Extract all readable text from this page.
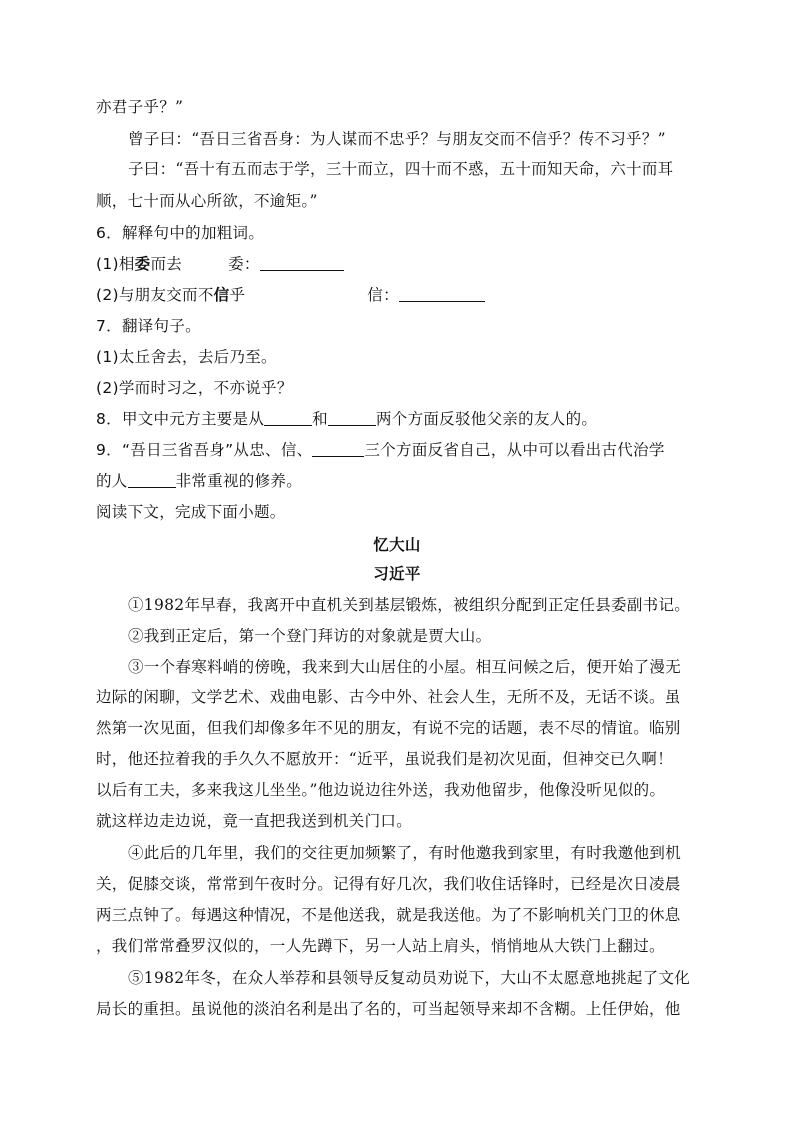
亦君子乎？”
曾子曰：“吾日三省吾身：为人谋而不忠乎？与朋友交而不信乎？传不习乎？”
子曰：“吾十有五而志于学，三十而立，四十而不惑，五十而知天命，六十而耳
顺，七十而从心所欲，不逾矩。”
6．解释句中的加粗词。
(1)相委而去	委：
(2)与朋友交而不信乎	信：
7．翻译句子。
(1)太丘舍去，去后乃至。
(2)学而时习之，不亦说乎？
8．甲文中元方主要是从	和	两个方面反驳他父亲的友人的。
9．“吾日三省吾身”从忠、信、	三个方面反省自己，从中可以看出古代治学
的人	非常重视的修养。
阅读下文，完成下面小题。
忆大山
习近平
①1982年早春，我离开中直机关到基层锻炼，被组织分配到正定任县委副书记。
②我到正定后，第一个登门拜访的对象就是贾大山。
③一个春寒料峭的傍晚，我来到大山居住的小屋。相互问候之后，便开始了漫无
边际的闲聊，文学艺术、戏曲电影、古今中外、社会人生，无所不及，无话不谈。虽
然第一次见面，但我们却像多年不见的朋友，有说不完的话题，表不尽的情谊。临别
时，他还拉着我的手久久不愿放开：“近平，虽说我们是初次见面，但神交已久啊！
以后有工夫，多来我这儿坐坐。”他边说边往外送，我劝他留步，他像没听见似的。
就这样边走边说，竟一直把我送到机关门口。
④此后的几年里，我们的交往更加频繁了，有时他邀我到家里，有时我邀他到机
关，促膝交谈，常常到午夜时分。记得有好几次，我们收住话锋时，已经是次日凌晨
两三点钟了。每遇这种情况，不是他送我，就是我送他。为了不影响机关门卫的休息
，我们常常叠罗汉似的，一人先蹲下，另一人站上肩头，悄悄地从大铁门上翻过。
⑤1982年冬，在众人举荐和县领导反复动员劝说下，大山不太愿意地挑起了文化
局长的重担。虽说他的淡泊名利是出了名的，可当起领导来却不含糊。上任伊始，他
